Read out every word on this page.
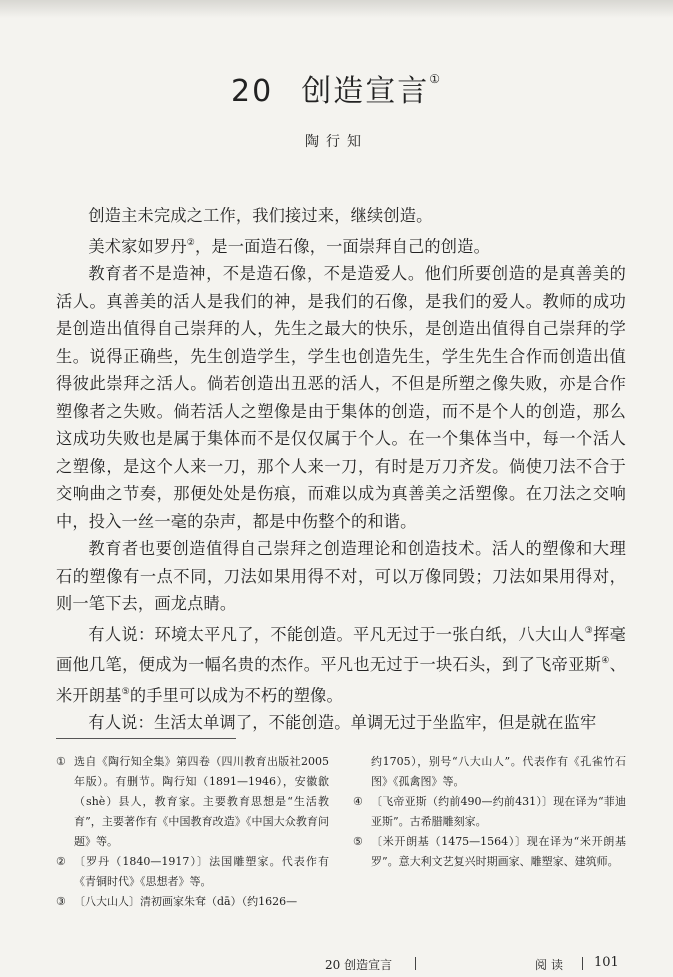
20 创造宣言①
陶行知

创造主未完成之工作，我们接过来，继续创造。

美术家如罗丹②，是一面造石像，一面崇拜自己的创造。

教育者不是造神，不是造石像，不是造爱人。他们所要创造的是真善美的活人。真善美的活人是我们的神，是我们的石像，是我们的爱人。教师的成功是创造出值得自己崇拜的人，先生之最大的快乐，是创造出值得自己崇拜的学生。说得正确些，先生创造学生，学生也创造先生，学生先生合作而创造出值得彼此崇拜之活人。倘若创造出丑恶的活人，不但是所塑之像失败，亦是合作塑像者之失败。倘若活人之塑像是由于集体的创造，而不是个人的创造，那么这成功失败也是属于集体而不是仅仅属于个人。在一个集体当中，每一个活人之塑像，是这个人来一刀，那个人来一刀，有时是万刀齐发。倘使刀法不合于交响曲之节奏，那便处处是伤痕，而难以成为真善美之活塑像。在刀法之交响中，投入一丝一毫的杂声，都是中伤整个的和谐。

教育者也要创造值得自己崇拜之创造理论和创造技术。活人的塑像和大理石的塑像有一点不同，刀法如果用得不对，可以万像同毁；刀法如果用得对，则一笔下去，画龙点睛。

有人说：环境太平凡了，不能创造。平凡无过于一张白纸，八大山人③挥毫画他几笔，便成为一幅名贵的杰作。平凡也无过于一块石头，到了飞帝亚斯④、米开朗基⑤的手里可以成为不朽的塑像。

有人说：生活太单调了，不能创造。单调无过于坐监牢，但是就在监牢

① 选自《陶行知全集》第四卷（四川教育出版社2005年版）。有删节。陶行知（1891—1946），安徽歙（shè）县人，教育家。主要教育思想是“生活教育”，主要著作有《中国教育改造》《中国大众教育问题》等。
② 〔罗丹（1840—1917）〕法国雕塑家。代表作有《青铜时代》《思想者》等。
③ 〔八大山人〕清初画家朱耷（dā）（约1626—
约1705），别号“八大山人”。代表作有《孔雀竹石图》《孤禽图》等。
④ 〔飞帝亚斯（约前490—约前431）〕现在译为“菲迪亚斯”。古希腊雕刻家。
⑤ 〔米开朗基（1475—1564）〕现在译为“米开朗基罗”。意大利文艺复兴时期画家、雕塑家、建筑师。
20 创造宣言	阅读 101
